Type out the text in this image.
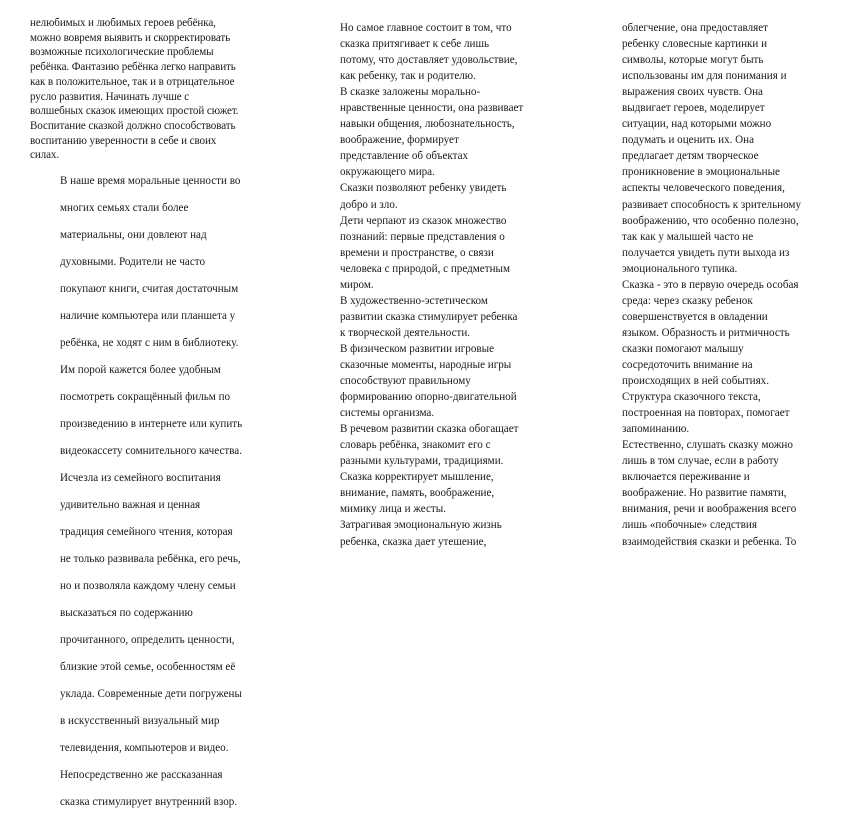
нелюбимых и любимых героев ребёнка,

можно вовремя выявить и скорректировать

возможные психологические проблемы

ребёнка. Фантазию ребёнка легко направить

как в положительное, так и в отрицательное

русло развития. Начинать лучше с

волшебных сказок имеющих простой сюжет.

Воспитание сказкой должно способствовать

воспитанию уверенности в себе и своих

силах.

В наше время моральные ценности во

многих семьях стали более

материальны, они довлеют над

духовными. Родители не часто

покупают книги, считая достаточным

наличие компьютера или планшета у

ребёнка, не ходят с ним в библиотеку.

Им порой кажется более удобным

посмотреть сокращённый фильм по

произведению в интернете или купить

видеокассету сомнительного качества.

Исчезла из семейного воспитания

удивительно важная и ценная

традиция семейного чтения, которая

не только развивала ребёнка, его речь,

но и позволяла каждому члену семьи

высказаться по содержанию

прочитанного, определить ценности,

близкие этой семье, особенностям её

уклада. Современные дети погружены

в искусственный визуальный мир

телевидения, компьютеров и видео.

Непосредственно же рассказанная

сказка стимулирует внутренний взор.

Но самое главное состоит в том, что

сказка притягивает к себе лишь

потому, что доставляет удовольствие,

как ребенку, так и родителю.

В сказке заложены морально-

нравственные ценности, она развивает

навыки общения, любознательность,

воображение, формирует

представление об объектах

окружающего мира.

Сказки позволяют ребенку увидеть

добро и зло.

Дети черпают из сказок множество

познаний: первые представления о

времени и пространстве, о связи

человека с природой, с предметным

миром.

В художественно-эстетическом

развитии сказка стимулирует ребенка

к творческой деятельности.

В физическом развитии игровые

сказочные моменты, народные игры

способствуют правильному

формированию опорно-двигательной

системы организма.

В речевом развитии сказка обогащает

словарь ребёнка, знакомит его с

разными культурами, традициями.

Сказка корректирует мышление,

внимание, память, воображение,

мимику лица и жесты.

Затрагивая эмоциональную жизнь

ребенка, сказка дает утешение,

облегчение, она предоставляет

ребенку словесные картинки и

символы, которые могут быть

использованы им для понимания и

выражения своих чувств. Она

выдвигает героев, моделирует

ситуации, над которыми можно

подумать и оценить их. Она

предлагает детям творческое

проникновение в эмоциональные

аспекты человеческого поведения,

развивает способность к зрительному

воображению, что особенно полезно,

так как у малышей часто не

получается увидеть пути выхода из

эмоционального тупика.

Сказка - это в первую очередь особая

среда: через сказку ребенок

совершенствуется в овладении

языком. Образность и ритмичность

сказки помогают малышу

сосредоточить внимание на

происходящих в ней событиях.

Структура сказочного текста,

построенная на повторах, помогает

запоминанию.

Естественно, слушать сказку можно

лишь в том случае, если в работу

включается переживание и

воображение. Но развитие памяти,

внимания, речи и воображения всего

лишь «побочные» следствия

взаимодействия сказки и ребенка. То
